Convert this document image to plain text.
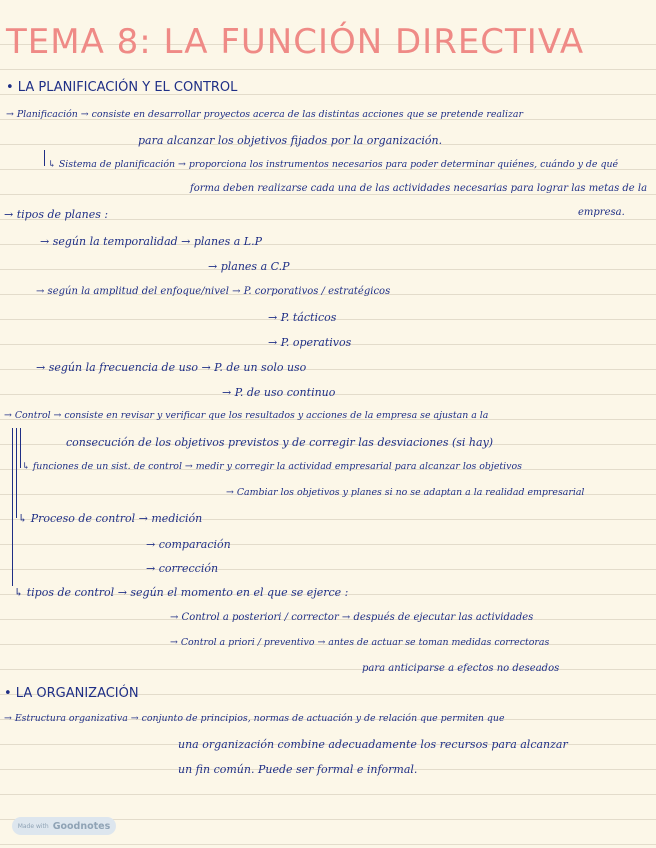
TEMA 8: LA FUNCIÓN DIRECTIVA
• LA PLANIFICACIÓN Y EL CONTROL
→ Planificación → consiste en desarrollar proyectos acerca de las distintas acciones que se pretende realizar
para alcanzar los objetivos fijados por la organización.
↳ Sistema de planificación → proporciona los instrumentos necesarios para poder determinar quiénes, cuándo y de qué
forma deben realizarse cada una de las actividades necesarias para lograr las metas de la
empresa.
→ tipos de planes :
→ según la temporalidad → planes a L.P
→ planes a C.P
→ según la amplitud del enfoque/nivel → P. corporativos / estratégicos
→ P. tácticos
→ P. operativos
→ según la frecuencia de uso → P. de un solo uso
→ P. de uso continuo
→ Control → consiste en revisar y verificar que los resultados y acciones de la empresa se ajustan a la
consecución de los objetivos previstos y de corregir las desviaciones (si hay)
↳ funciones de un sist. de control → medir y corregir la actividad empresarial para alcanzar los objetivos
→ Cambiar los objetivos y planes si no se adaptan a la realidad empresarial
↳ Proceso de control → medición
→ comparación
→ corrección
↳ tipos de control → según el momento en el que se ejerce :
→ Control a posteriori / corrector → después de ejecutar las actividades
→ Control a priori / preventivo → antes de actuar se toman medidas correctoras
para anticiparse a efectos no deseados
• LA ORGANIZACIÓN
→ Estructura organizativa → conjunto de principios, normas de actuación y de relación que permiten que
una organización combine adecuadamente los recursos para alcanzar
un fin común. Puede ser formal e informal.
Made with Goodnotes
